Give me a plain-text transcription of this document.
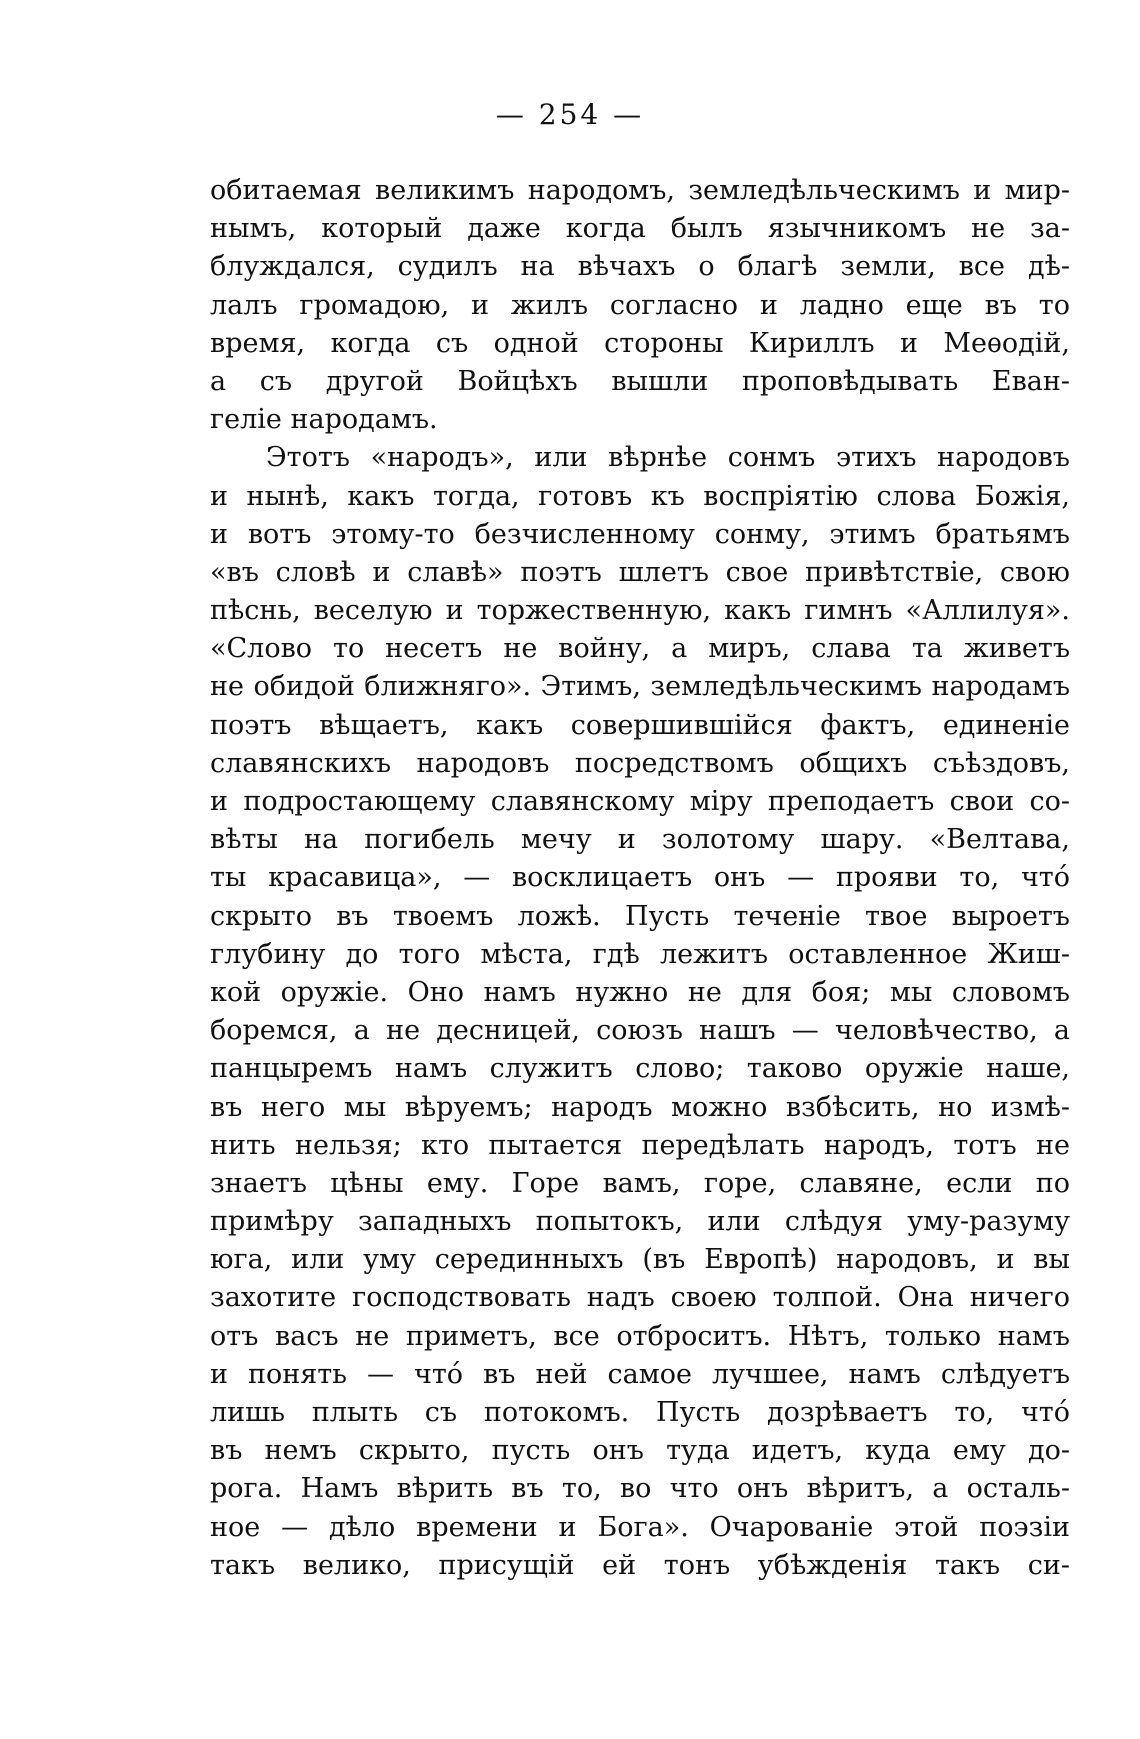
— 254 —
обитаемая великимъ народомъ, земледѣльческимъ и мир-
нымъ, который даже когда былъ язычникомъ не за-
блуждался, судилъ на вѣчахъ о благѣ земли, все дѣ-
лалъ громадою, и жилъ согласно и ладно еще въ то
время, когда съ одной стороны Кириллъ и Меѳодій,
а съ другой Войцѣхъ вышли проповѣдывать Еван-
геліе народамъ.
Этотъ «народъ», или вѣрнѣе сонмъ этихъ народовъ
и нынѣ, какъ тогда, готовъ къ воспріятію слова Божія,
и вотъ этому-то безчисленному сонму, этимъ братьямъ
«въ словѣ и славѣ» поэтъ шлетъ свое привѣтствіе, свою
пѣснь, веселую и торжественную, какъ гимнъ «Аллилуя».
«Слово то несетъ не войну, а миръ, слава та живетъ
не обидой ближняго». Этимъ, земледѣльческимъ народамъ
поэтъ вѣщаетъ, какъ совершившійся фактъ, единеніе
славянскихъ народовъ посредствомъ общихъ съѣздовъ,
и подростающему славянскому міру преподаетъ свои со-
вѣты на погибель мечу и золотому шару. «Велтава,
ты красавица», — восклицаетъ онъ — прояви то, что́
скрыто въ твоемъ ложѣ. Пусть теченіе твое выроетъ
глубину до того мѣста, гдѣ лежитъ оставленное Жиш-
кой оружіе. Оно намъ нужно не для боя; мы словомъ
боремся, а не десницей, союзъ нашъ — человѣчество, а
панцыремъ намъ служитъ слово; таково оружіе наше,
въ него мы вѣруемъ; народъ можно взбѣсить, но измѣ-
нить нельзя; кто пытается передѣлать народъ, тотъ не
знаетъ цѣны ему. Горе вамъ, горе, славяне, если по
примѣру западныхъ попытокъ, или слѣдуя уму-разуму
юга, или уму серединныхъ (въ Европѣ) народовъ, и вы
захотите господствовать надъ своею толпой. Она ничего
отъ васъ не приметъ, все отброситъ. Нѣтъ, только намъ
и понять — что́ въ ней самое лучшее, намъ слѣдуетъ
лишь плыть съ потокомъ. Пусть дозрѣваетъ то, что́
въ немъ скрыто, пусть онъ туда идетъ, куда ему до-
рога. Намъ вѣрить въ то, во что онъ вѣритъ, а осталь-
ное — дѣло времени и Бога». Очарованіе этой поэзіи
такъ велико, присущій ей тонъ убѣжденія такъ си-
